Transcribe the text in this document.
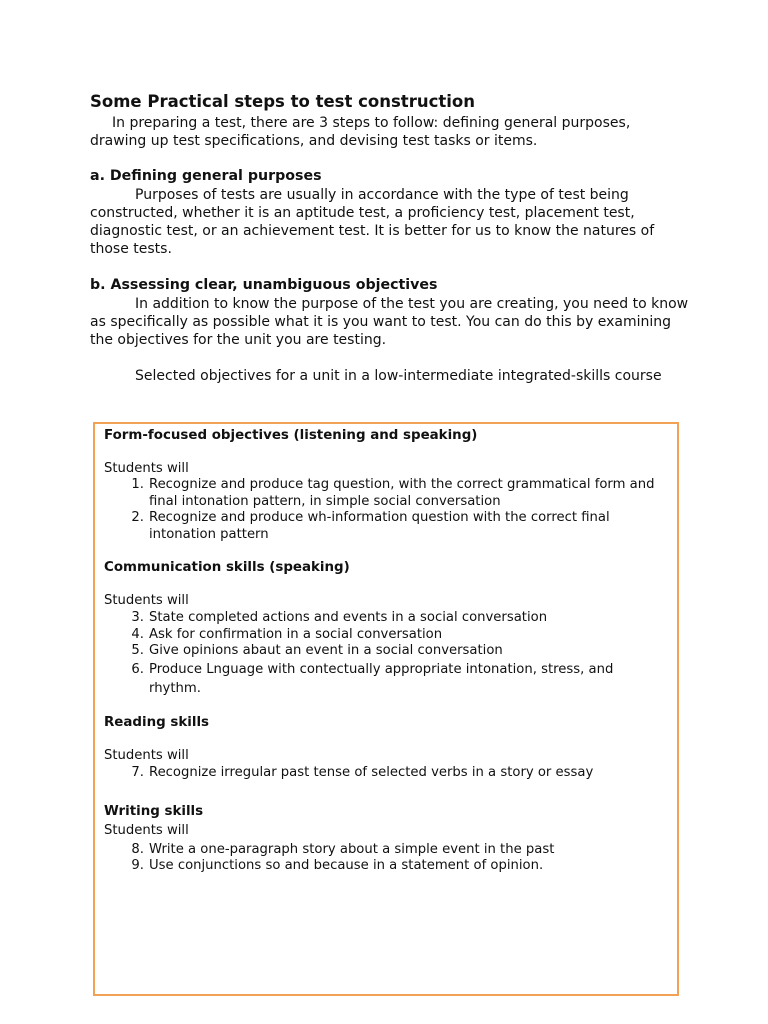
Some Practical steps to test construction

In preparing a test, there are 3 steps to follow: defining general purposes, drawing up test specifications, and devising test tasks or items.

a. Defining general purposes

Purposes of tests are usually in accordance with the type of test being constructed, whether it is an aptitude test, a proficiency test, placement test, diagnostic test, or an achievement test. It is better for us to know the natures of those tests.

b. Assessing clear, unambiguous objectives

In addition to know the purpose of the test you are creating, you need to know as specifically as possible what it is you want to test. You can do this by examining the objectives for the unit you are testing.

Selected objectives for a unit in a low-intermediate integrated-skills course

Form-focused objectives (listening and speaking)
Students will
1. Recognize and produce tag question, with the correct grammatical form and final intonation pattern, in simple social conversation
2. Recognize and produce wh-information question with the correct final intonation pattern
Communication skills (speaking)
Students will
3. State completed actions and events in a social conversation
4. Ask for confirmation in a social conversation
5. Give opinions abaut an event in a social conversation
6. Produce Lnguage with contectually appropriate intonation, stress, and rhythm.
Reading skills
Students will
7. Recognize irregular past tense of selected verbs in a story or essay
Writing skills
Students will
8. Write a one-paragraph story about a simple event in the past
9. Use conjunctions so and because in a statement of opinion.
